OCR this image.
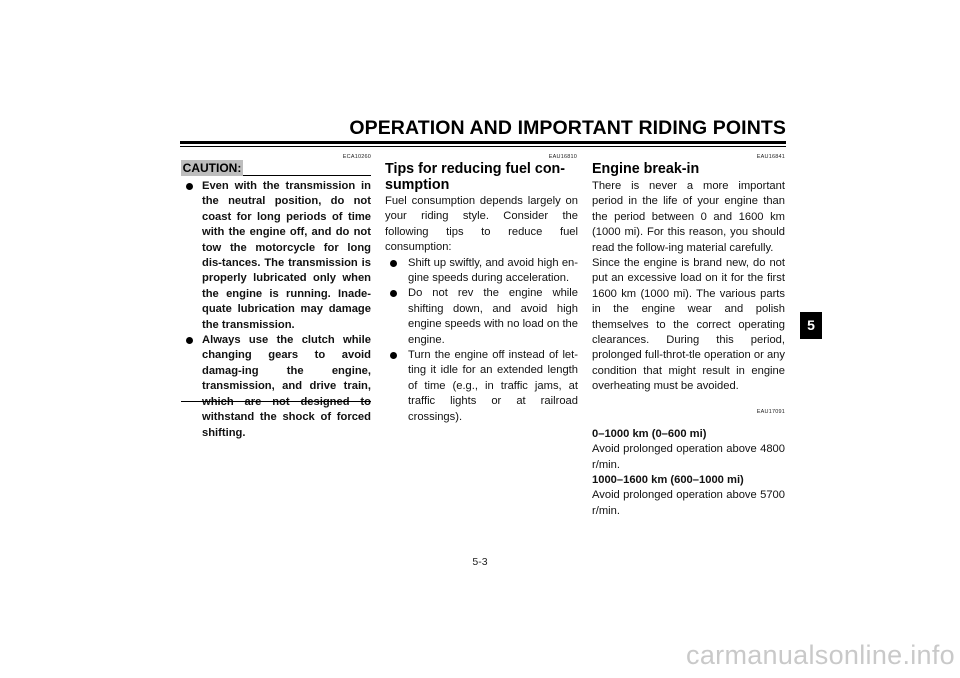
OPERATION AND IMPORTANT RIDING POINTS
ECA10260
CAUTION:
Even with the transmission in the neutral position, do not coast for long periods of time with the engine off, and do not tow the motorcycle for long dis-tances. The transmission is properly lubricated only when the engine is running. Inade-quate lubrication may damage the transmission.
Always use the clutch while changing gears to avoid damag-ing the engine, transmission, and drive train, withstand the shock of forced shifting.
EAU16810
Tips for reducing fuel con-sumption

Fuel consumption depends largely on your riding style. Consider the following tips to reduce fuel consumption:

Shift up swiftly, and avoid high en-gine speeds during acceleration.
Do not rev the engine while shifting down, and avoid high engine speeds with no load on the engine.
Turn the engine off instead of let-ting it idle for an extended length of time (e.g., in traffic jams, at traffic lights or at railroad crossings).
EAU16841
Engine break-in

There is never a more important period in the life of your engine than the period between 0 and 1600 km (1000 mi). For this reason, you should read the follow-ing material carefully.

Since the engine is brand new, do not put an excessive load on it for the first 1600 km (1000 mi). The various parts in the engine wear and polish themselves to the correct operating clearances. During this period, prolonged full-throt-tle operation or any condition that might result in engine overheating must be avoided.

EAU17091

0–1000 km (0–600 mi)

Avoid prolonged operation above 4800 r/min.

1000–1600 km (600–1000 mi)

Avoid prolonged operation above 5700 r/min.

5
5-3
carmanualsonline.info
